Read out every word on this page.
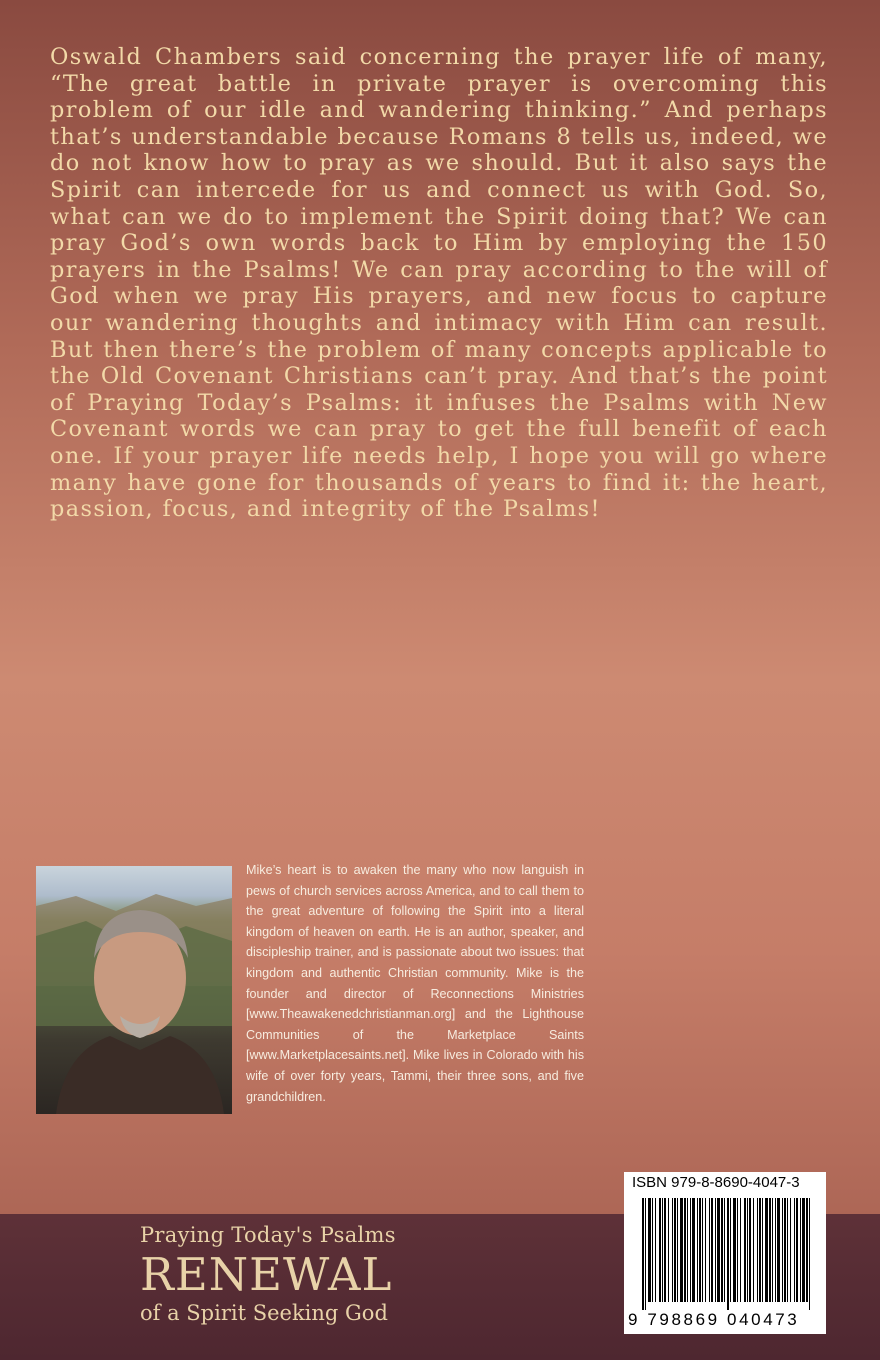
Oswald Chambers said concerning the prayer life of many, “The great battle in private prayer is overcoming this problem of our idle and wandering thinking.” And perhaps that’s understandable because Romans 8 tells us, indeed, we do not know how to pray as we should. But it also says the Spirit can intercede for us and connect us with God. So, what can we do to implement the Spirit doing that? We can pray God’s own words back to Him by employing the 150 prayers in the Psalms! We can pray according to the will of God when we pray His prayers, and new focus to capture our wandering thoughts and intimacy with Him can result. But then there’s the problem of many concepts applicable to the Old Covenant Christians can’t pray. And that’s the point of Praying Today’s Psalms: it infuses the Psalms with New Covenant words we can pray to get the full benefit of each one. If your prayer life needs help, I hope you will go where many have gone for thousands of years to find it: the heart, passion, focus, and integrity of the Psalms!

Mike’s heart is to awaken the many who now languish in pews of church services across America, and to call them to the great adventure of following the Spirit into a literal kingdom of heaven on earth. He is an author, speaker, and discipleship trainer, and is passionate about two issues: that kingdom and authentic Christian community. Mike is the founder and director of Reconnections Ministries [www.Theawakenedchristianman.org] and the Lighthouse Communities of the Marketplace Saints [www.Marketplacesaints.net]. Mike lives in Colorado with his wife of over forty years, Tammi, their three sons, and five grandchildren.

Praying Today's Psalms
RENEWAL
of a Spirit Seeking God
ISBN 979-8-8690-4047-3
9 798869 040473
